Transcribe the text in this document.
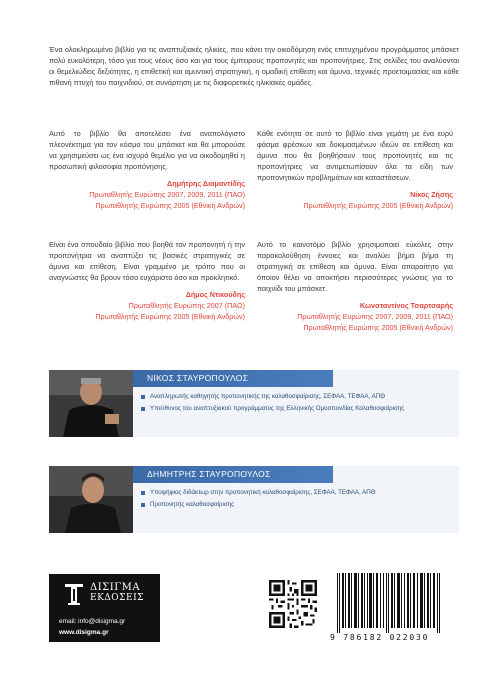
Ένα ολοκληρωμένο βιβλίο για τις αναπτυξιακές ηλικίες, που κάνει την οικοδόμηση ενός επιτυχημένου προγράμματος μπάσκετ πολύ ευκολότερη, τόσο για τους νέους όσο και για τους έμπειρους προπονητές και προπονήτριες. Στις σελίδες του αναλύονται οι θεμελιώδεις δεξιότητες, η επιθετική και αμυντική στρατηγική, η ομαδική επίθεση και άμυνα, τεχνικές προετοιμασίας και κάθε πιθανή πτυχή του παιχνιδιού, σε συνάρτηση με τις διαφορετικές ηλικιακές ομάδες.

Αυτό το βιβλίο θα αποτελέσει ένα αναπολόγιστο πλεονέκτημα για τον κόσμο του μπάσκετ και θα μπορούσε να χρησιμεύσει ως ένα ισχυρό θεμέλιο για να οικοδομηθεί η προσωπική φιλοσοφία προπόνησης.

Δημήτρης Διαμαντίδης

Πρωταθλητής Ευρώπης 2007, 2009, 2011 (ΠΑΟ)

Πρωταθλητής Ευρώπης 2005 (Εθνική Ανδρών)

Είναι ένα σπουδαίο βιβλίο που βοηθά τον προπονητή ή την προπονήτρια να αναπτύξει τις βασικές στρατηγικές σε άμυνα και επίθεση. Είναι γραμμένο με τρόπο που οι αναγνώστες θα βρουν τόσο ευχάριστο όσο και προκλητικό.

Δήμος Ντικούδης

Πρωταθλητής Ευρώπης 2007 (ΠΑΟ)

Πρωταθλητής Ευρώπης 2005 (Εθνική Ανδρών)

Κάθε ενότητα σε αυτό το βιβλίο είναι γεμάτη με ένα ευρύ φάσμα φρέσκων και δοκιμασμένων ιδεών σε επίθεση και άμυνα που θα βοηθήσουν τους προπονητές και τις προπονήτριες να αντιμετωπίσουν όλα τα είδη των προπονητικών προβλημάτων και καταστάσεων.

Νίκος Ζήσης

Πρωταθλητής Ευρώπης 2005 (Εθνική Ανδρών)

Αυτό το καινοτόμο βιβλίο χρησιμοποιεί εύκολες στην παρακολούθηση έννοιες και αναλύει βήμα βήμα τη στρατηγική σε επίθεση και άμυνα. Είναι απαραίτητο για όποιον θέλει να αποκτήσει περισσότερες γνώσεις για το παιχνίδι του μπάσκετ.

Κωνσταντίνος Τσαρτσαρής

Πρωταθλητής Ευρώπης 2007, 2009, 2011 (ΠΑΟ)

Πρωταθλητής Ευρώπης 2005 (Εθνική Ανδρών)

ΝΙΚΟΣ ΣΤΑΥΡΟΠΟΥΛΟΣ
Αναπληρωτής καθηγητής προπονητικής της καλαθοσφαίρισης, ΣΕΦΑΑ, ΤΕΦΑΑ, ΑΠΘ
Υπεύθυνος του αναπτυξιακού προγράμματος της Ελληνικής Ομοσπονδίας Καλαθοσφαίρισης
ΔΗΜΗΤΡΗΣ ΣΤΑΥΡΟΠΟΥΛΟΣ
Υποψήφιος διδάκτωρ στην προπονητική καλαθοσφαίρισης, ΣΕΦΑΑ, ΤΕΦΑΑ, ΑΠΘ
Προπονητής καλαθοσφαίρισης
ΔΙΣΙΓΜΑ
ΕΚΔΟΣΕΙΣ
email: info@disigma.gr
www.disigma.gr
9 786182 022030
